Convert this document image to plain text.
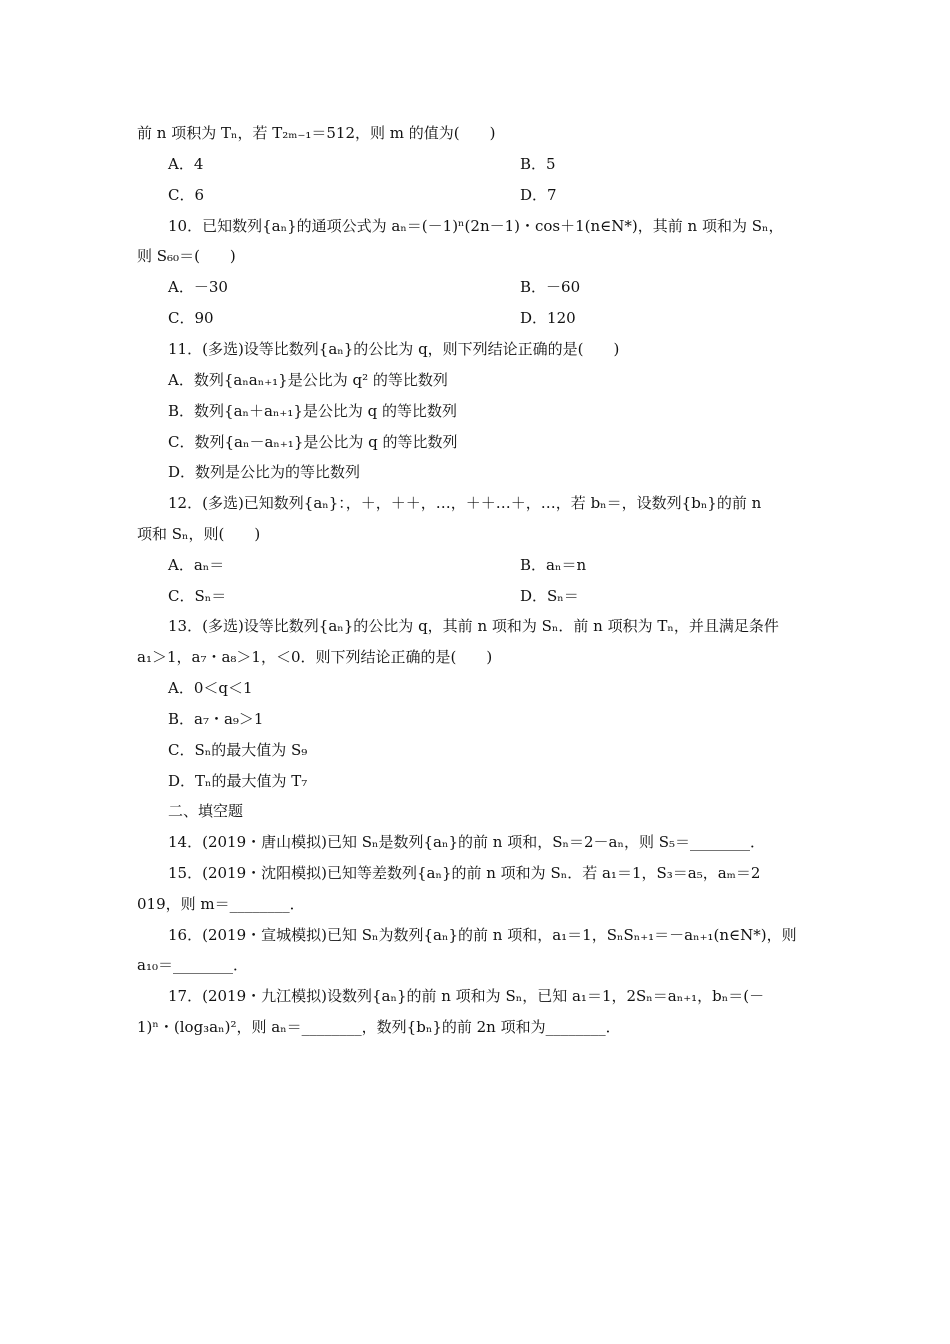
前 n 项积为 Tₙ，若 T₂ₘ₋₁＝512，则 m 的值为(　　)
A．4	B．5
C．6	D．7
10．已知数列{aₙ}的通项公式为 aₙ＝(－1)ⁿ(2n－1)・cos＋1(n∈N*)，其前 n 项和为 Sₙ，
则 S₆₀＝(　　)
A．－30	B．－60
C．90	D．120
11．(多选)设等比数列{aₙ}的公比为 q，则下列结论正确的是(　　)
A．数列{aₙaₙ₊₁}是公比为 q² 的等比数列
B．数列{aₙ＋aₙ₊₁}是公比为 q 的等比数列
C．数列{aₙ－aₙ₊₁}是公比为 q 的等比数列
D．数列是公比为的等比数列
12．(多选)已知数列{aₙ}：，＋，＋＋，…，＋＋…＋，…，若 bₙ＝，设数列{bₙ}的前 n
项和 Sₙ，则(　　)
A．aₙ＝	B．aₙ＝n
C．Sₙ＝	D．Sₙ＝
13．(多选)设等比数列{aₙ}的公比为 q，其前 n 项和为 Sₙ．前 n 项积为 Tₙ，并且满足条件
a₁＞1，a₇・a₈＞1，＜0．则下列结论正确的是(　　)
A．0＜q＜1
B．a₇・a₉＞1
C．Sₙ的最大值为 S₉
D．Tₙ的最大值为 T₇
二、填空题
14．(2019・唐山模拟)已知 Sₙ是数列{aₙ}的前 n 项和，Sₙ＝2－aₙ，则 S₅＝________．
15．(2019・沈阳模拟)已知等差数列{aₙ}的前 n 项和为 Sₙ．若 a₁＝1，S₃＝a₅，aₘ＝2
019，则 m＝________．
16．(2019・宣城模拟)已知 Sₙ为数列{aₙ}的前 n 项和，a₁＝1，SₙSₙ₊₁＝－aₙ₊₁(n∈N*)，则
a₁₀＝________．
17．(2019・九江模拟)设数列{aₙ}的前 n 项和为 Sₙ，已知 a₁＝1，2Sₙ＝aₙ₊₁，bₙ＝(－
1)ⁿ・(log₃aₙ)²，则 aₙ＝________，数列{bₙ}的前 2n 项和为________．
